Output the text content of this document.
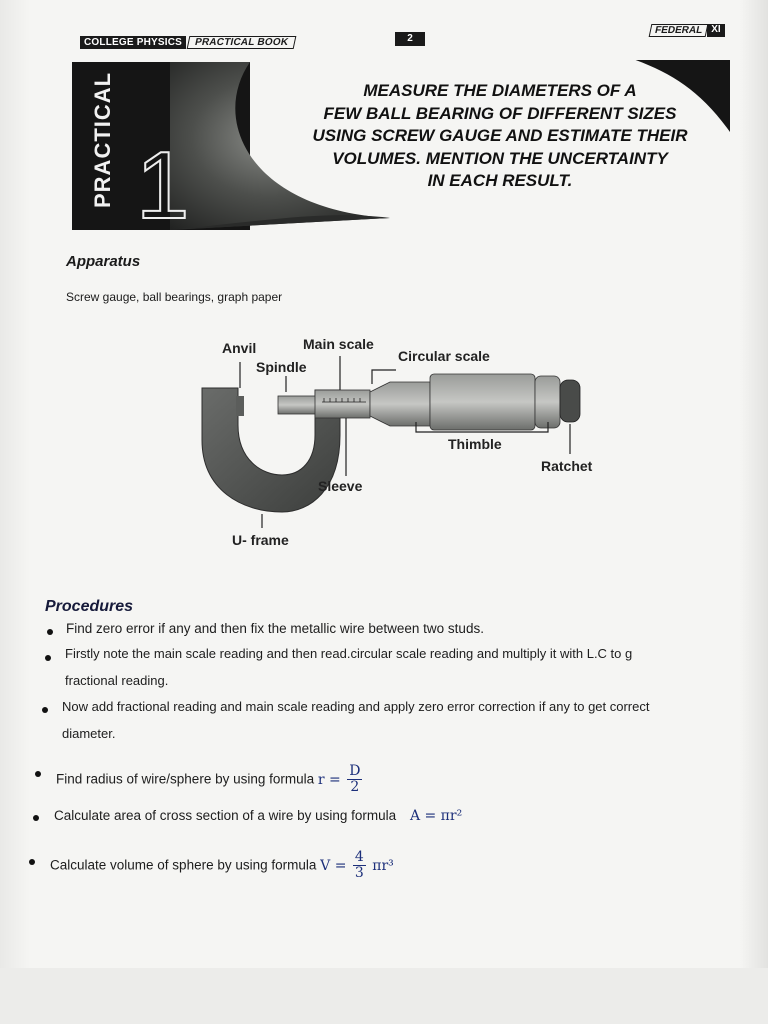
COLLEGE PHYSICS	PRACTICAL BOOK	2
FEDERAL XI
PRACTICAL 1
MEASURE THE DIAMETERS OF A
FEW BALL BEARING OF DIFFERENT SIZES
USING SCREW GAUGE AND ESTIMATE THEIR
VOLUMES. MENTION THE UNCERTAINTY
IN EACH RESULT.
Apparatus
Screw gauge, ball bearings, graph paper
Anvil	Main scale
Spindle
Circular scale
Thimble
Ratchet
Sleeve
U- frame
Procedures
Find zero error if any and then fix the metallic wire between two studs.
Firstly note the main scale reading and then read.circular scale reading and multiply it with L.C to g
fractional reading.
Now add fractional reading and main scale reading and apply zero error correction if any to get correct
diameter.
Find radius of wire/sphere by using formula $r = \frac{D}{2}$
Calculate area of cross section of a wire by using formula A = πr²
Calculate volume of sphere by using formula $V = \frac{4}{3} \pi r^3$
